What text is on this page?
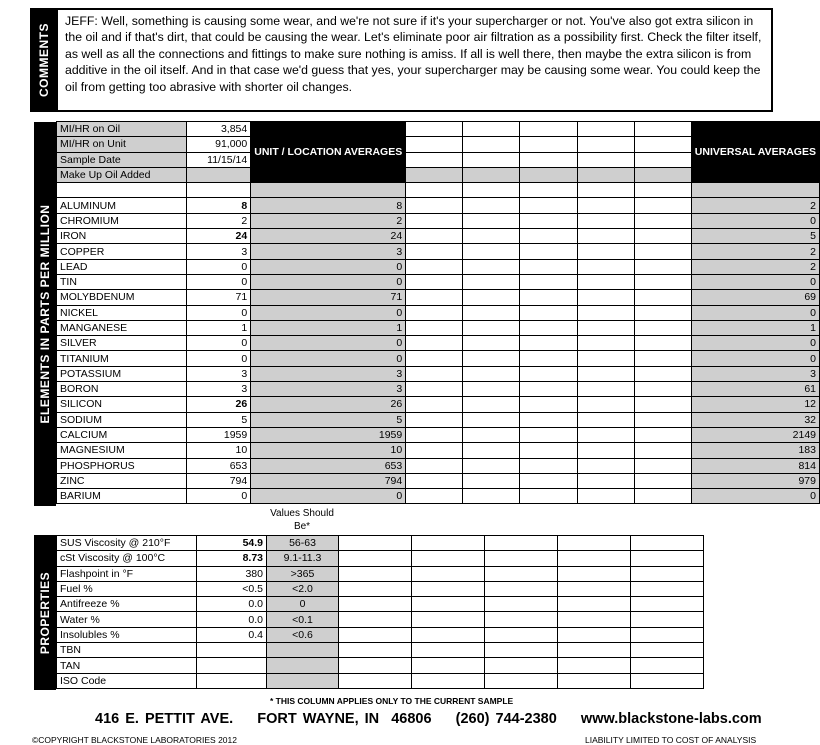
COMMENTS
JEFF: Well, something is causing some wear, and we're not sure if it's your supercharger or not. You've also got extra silicon in the oil and if that's dirt, that could be causing the wear. Let's eliminate poor air filtration as a possibility first. Check the filter itself, as well as all the connections and fittings to make sure nothing is amiss. If all is well there, then maybe the extra silicon is from additive in the oil itself. And in that case we'd guess that yes, your supercharger may be causing some wear. You could keep the oil from getting too abrasive with shorter oil changes.
ELEMENTS IN PARTS PER MILLION
MI/HR on Oil	3,854	UNIT / LOCATION AVERAGES						UNIVERSAL AVERAGES
MI/HR on Unit	91,000							
Sample Date	11/15/14							
Make Up Oil Added								

ALUMINUM	8	8						2
CHROMIUM	2	2						0
IRON	24	24						5
COPPER	3	3						2
LEAD	0	0						2
TIN	0	0						0
MOLYBDENUM	71	71						69
NICKEL	0	0						0
MANGANESE	1	1						1
SILVER	0	0						0
TITANIUM	0	0						0
POTASSIUM	3	3						3
BORON	3	3						61
SILICON	26	26						12
SODIUM	5	5						32
CALCIUM	1959	1959						2149
MAGNESIUM	10	10						183
PHOSPHORUS	653	653						814
ZINC	794	794						979
BARIUM	0	0						0
PROPERTIES
Values Should Be*
SUS Viscosity @ 210°F	54.9	56-63					
cSt Viscosity @ 100°C	8.73	9.1-11.3					
Flashpoint in °F	380	>365					
Fuel %	<0.5	<2.0					
Antifreeze %	0.0	0					
Water %	0.0	<0.1					
Insolubles %	0.4	<0.6					
TBN							
TAN							
ISO Code							
* THIS COLUMN APPLIES ONLY TO THE CURRENT SAMPLE
416 E. PETTIT AVE.    FORT WAYNE, IN  46806    (260) 744-2380    www.blackstone-labs.com
©COPYRIGHT BLACKSTONE LABORATORIES 2012	LIABILITY LIMITED TO COST OF ANALYSIS
